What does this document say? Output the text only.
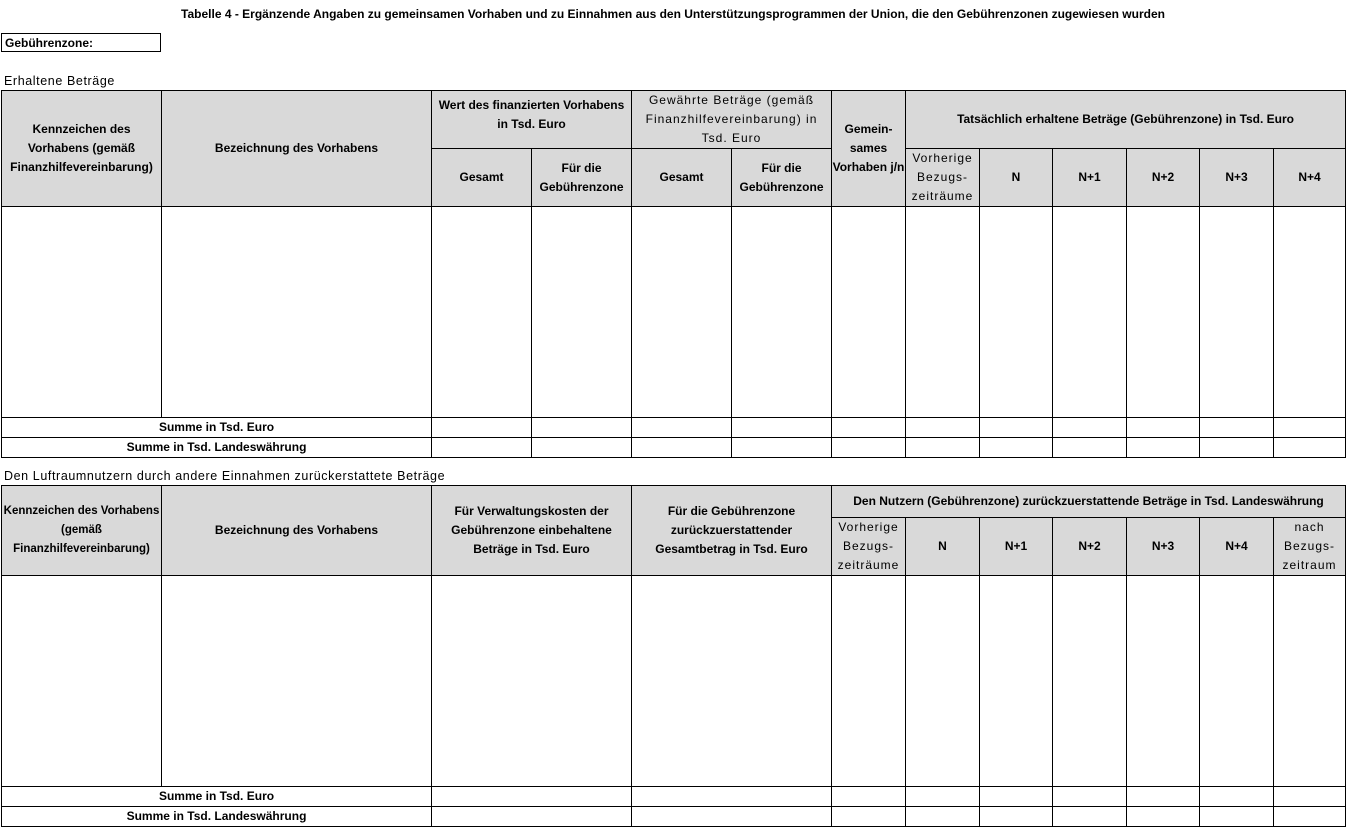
Tabelle 4 - Ergänzende Angaben zu gemeinsamen Vorhaben und zu Einnahmen aus den Unterstützungsprogrammen der Union, die den Gebührenzonen zugewiesen wurden
Gebührenzone:
Erhaltene Beträge
Kennzeichen des Vorhabens (gemäß Finanzhilfevereinbarung)	Bezeichnung des Vorhabens	Wert des finanzierten Vorhabens in Tsd. Euro		Gewährte Beträge (gemäß Finanzhilfevereinbarung) in Tsd. Euro		Gemein-sames Vorhaben j/n	Tatsächlich erhaltene Beträge (Gebührenzone) in Tsd. Euro					
		Gesamt	Für die Gebührenzone	Gesamt	Für die Gebührenzone		Vorherige Bezugs-zeiträume	N	N+1	N+2	N+3	N+4

Summe in Tsd. Euro												
Summe in Tsd. Landeswährung												
Den Luftraumnutzern durch andere Einnahmen zurückerstattete Beträge
Kennzeichen des Vorhabens (gemäß Finanzhilfevereinbarung)	Bezeichnung des Vorhabens	Für Verwaltungskosten der Gebührenzone einbehaltene Beträge in Tsd. Euro	Für die Gebührenzone zurückzuerstattender Gesamtbetrag in Tsd. Euro	Den Nutzern (Gebührenzone) zurückzuerstattende Beträge in Tsd. Landeswährung						
				Vorherige Bezugs-zeiträume	N	N+1	N+2	N+3	N+4	nach Bezugs-zeitraum

Summe in Tsd. Euro										
Summe in Tsd. Landeswährung										
